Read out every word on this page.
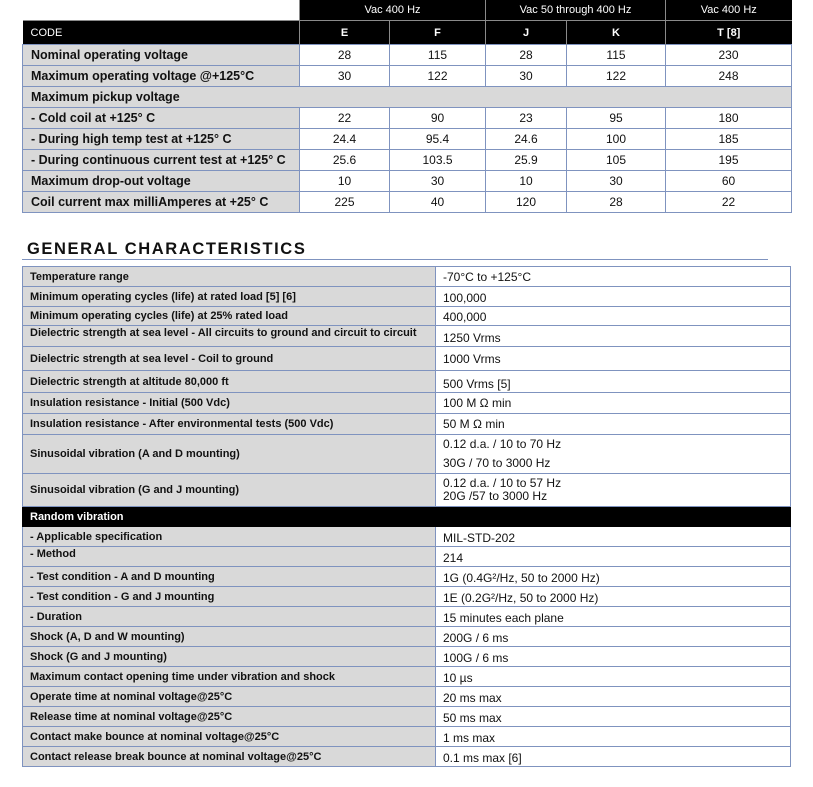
	Vac 400 Hz		Vac 50 through 400 Hz		Vac 400 Hz
CODE	E	F	J	K	T [8]
Nominal operating voltage	28	115	28	115	230
Maximum operating voltage @+125°C	30	122	30	122	248
Maximum pickup voltage					
- Cold coil at +125° C	22	90	23	95	180
- During high temp test at +125° C	24.4	95.4	24.6	100	185
- During continuous current test at +125° C	25.6	103.5	25.9	105	195
Maximum drop-out voltage	10	30	10	30	60
Coil current max milliAmperes at +25° C	225	40	120	28	22
GENERAL CHARACTERISTICS
Temperature range	-70°C to +125°C
Minimum operating cycles (life) at rated load [5] [6]	100,000
Minimum operating cycles (life) at 25% rated load	400,000
Dielectric strength at sea level - All circuits to ground and circuit to circuit	1250 Vrms
Dielectric strength at sea level - Coil to ground	1000 Vrms
Dielectric strength at altitude 80,000 ft	500 Vrms [5]
Insulation resistance - Initial (500 Vdc)	100 M Ω min
Insulation resistance - After environmental tests (500 Vdc)	50 M Ω min
Sinusoidal vibration (A and D mounting)	0.12 d.a. / 10 to 70 Hz
30G / 70 to 3000 Hz

Sinusoidal vibration (G and J mounting)	0.12 d.a. / 10 to 57 Hz
20G /57 to 3000 Hz

Random vibration	
- Applicable specification	MIL-STD-202
- Method	214
- Test condition - A and D mounting	1G (0.4G²/Hz, 50 to 2000 Hz)
- Test condition - G and J mounting	1E (0.2G²/Hz, 50 to 2000 Hz)
- Duration	15 minutes each plane
Shock (A, D and W mounting)	200G / 6 ms
Shock (G and J mounting)	100G / 6 ms
Maximum contact opening time under vibration and shock	10 µs
Operate time at nominal voltage@25°C	20 ms max
Release time at nominal voltage@25°C	50 ms max
Contact make bounce at nominal voltage@25°C	1 ms max
Contact release break bounce at nominal voltage@25°C	0.1 ms max [6]
